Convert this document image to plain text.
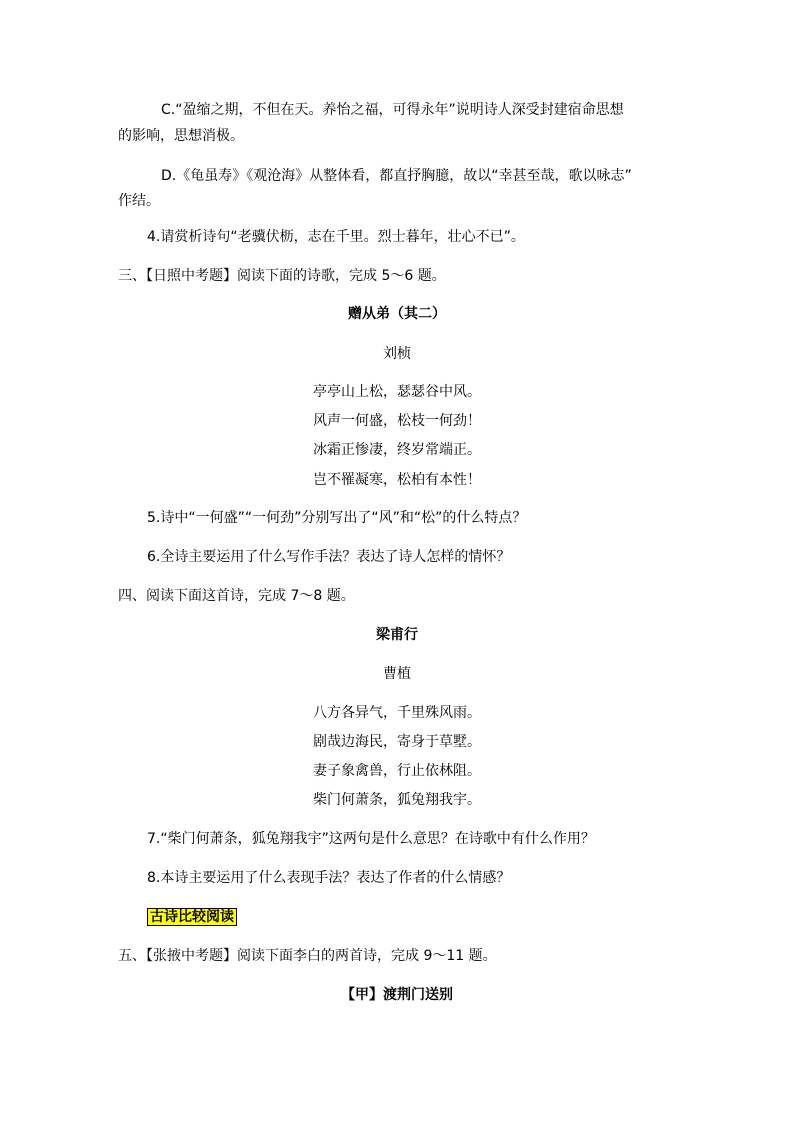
C.“盈缩之期，不但在天。养怡之福，可得永年”说明诗人深受封建宿命思想
的影响，思想消极。
D.《龟虽寿》《观沧海》从整体看，都直抒胸臆，故以“幸甚至哉，歌以咏志”
作结。
4.请赏析诗句“老骥伏枥，志在千里。烈士暮年，壮心不已”。
三、【日照中考题】阅读下面的诗歌，完成 5～6 题。
赠从弟（其二）
刘桢
亭亭山上松，瑟瑟谷中风。
风声一何盛，松枝一何劲！
冰霜正惨凄，终岁常端正。
岂不罹凝寒，松柏有本性！
5.诗中“一何盛”“一何劲”分别写出了“风”和“松”的什么特点？
6.全诗主要运用了什么写作手法？表达了诗人怎样的情怀？
四、阅读下面这首诗，完成 7～8 题。
梁甫行
曹植
八方各异气，千里殊风雨。
剧哉边海民，寄身于草墅。
妻子象禽兽，行止依林阻。
柴门何萧条，狐兔翔我宇。
7.“柴门何萧条，狐兔翔我宇”这两句是什么意思？在诗歌中有什么作用？
8.本诗主要运用了什么表现手法？表达了作者的什么情感？
古诗比较阅读
五、【张掖中考题】阅读下面李白的两首诗，完成 9～11 题。
【甲】渡荆门送别
